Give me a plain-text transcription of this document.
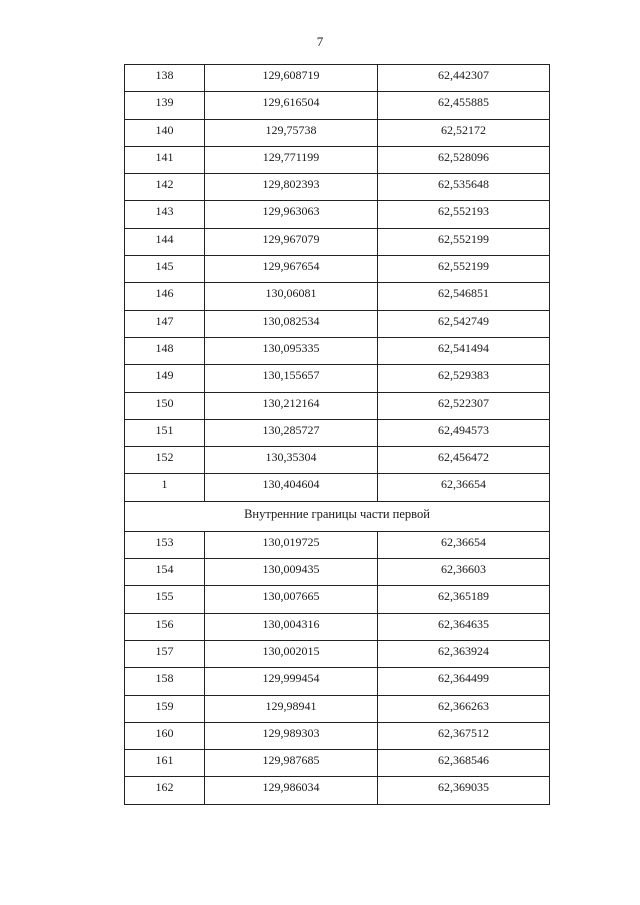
7
138	129,608719	62,442307
139	129,616504	62,455885
140	129,75738	62,52172
141	129,771199	62,528096
142	129,802393	62,535648
143	129,963063	62,552193
144	129,967079	62,552199
145	129,967654	62,552199
146	130,06081	62,546851
147	130,082534	62,542749
148	130,095335	62,541494
149	130,155657	62,529383
150	130,212164	62,522307
151	130,285727	62,494573
152	130,35304	62,456472
1	130,404604	62,36654
Внутренние границы части первой		
153	130,019725	62,36654
154	130,009435	62,36603
155	130,007665	62,365189
156	130,004316	62,364635
157	130,002015	62,363924
158	129,999454	62,364499
159	129,98941	62,366263
160	129,989303	62,367512
161	129,987685	62,368546
162	129,986034	62,369035
